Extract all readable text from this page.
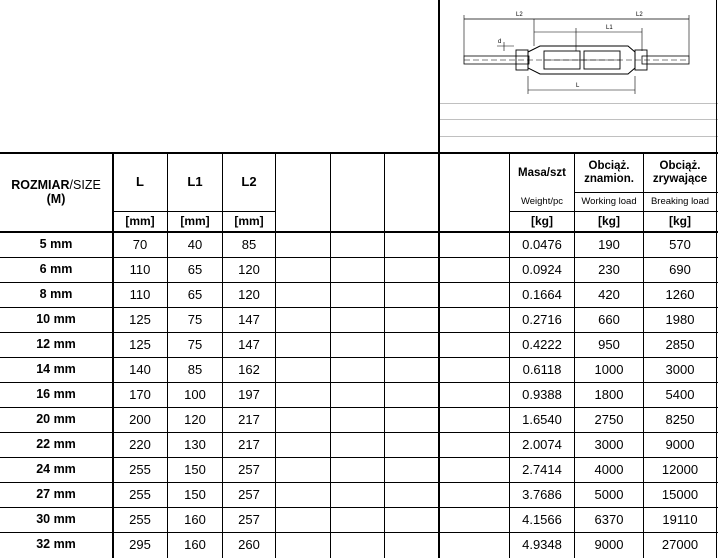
L2	L2
L1
d
L
ROZMIAR/SIZE
(M)
L	L1	L2
[mm]	[mm]	[mm]
Masa/szt
Weight/pc
[kg]
Obciąż.
znamion.
Working load
[kg]
Obciąż.
zrywające
Breaking load
[kg]
5 mm	70	40	85	0.0476	190	570
6 mm	110	65	120	0.0924	230	690
8 mm	110	65	120	0.1664	420	1260
10 mm	125	75	147	0.2716	660	1980
12 mm	125	75	147	0.4222	950	2850
14 mm	140	85	162	0.6118	1000	3000
16 mm	170	100	197	0.9388	1800	5400
20 mm	200	120	217	1.6540	2750	8250
22 mm	220	130	217	2.0074	3000	9000
24 mm	255	150	257	2.7414	4000	12000
27 mm	255	150	257	3.7686	5000	15000
30 mm	255	160	257	4.1566	6370	19110
32 mm	295	160	260	4.9348	9000	27000
